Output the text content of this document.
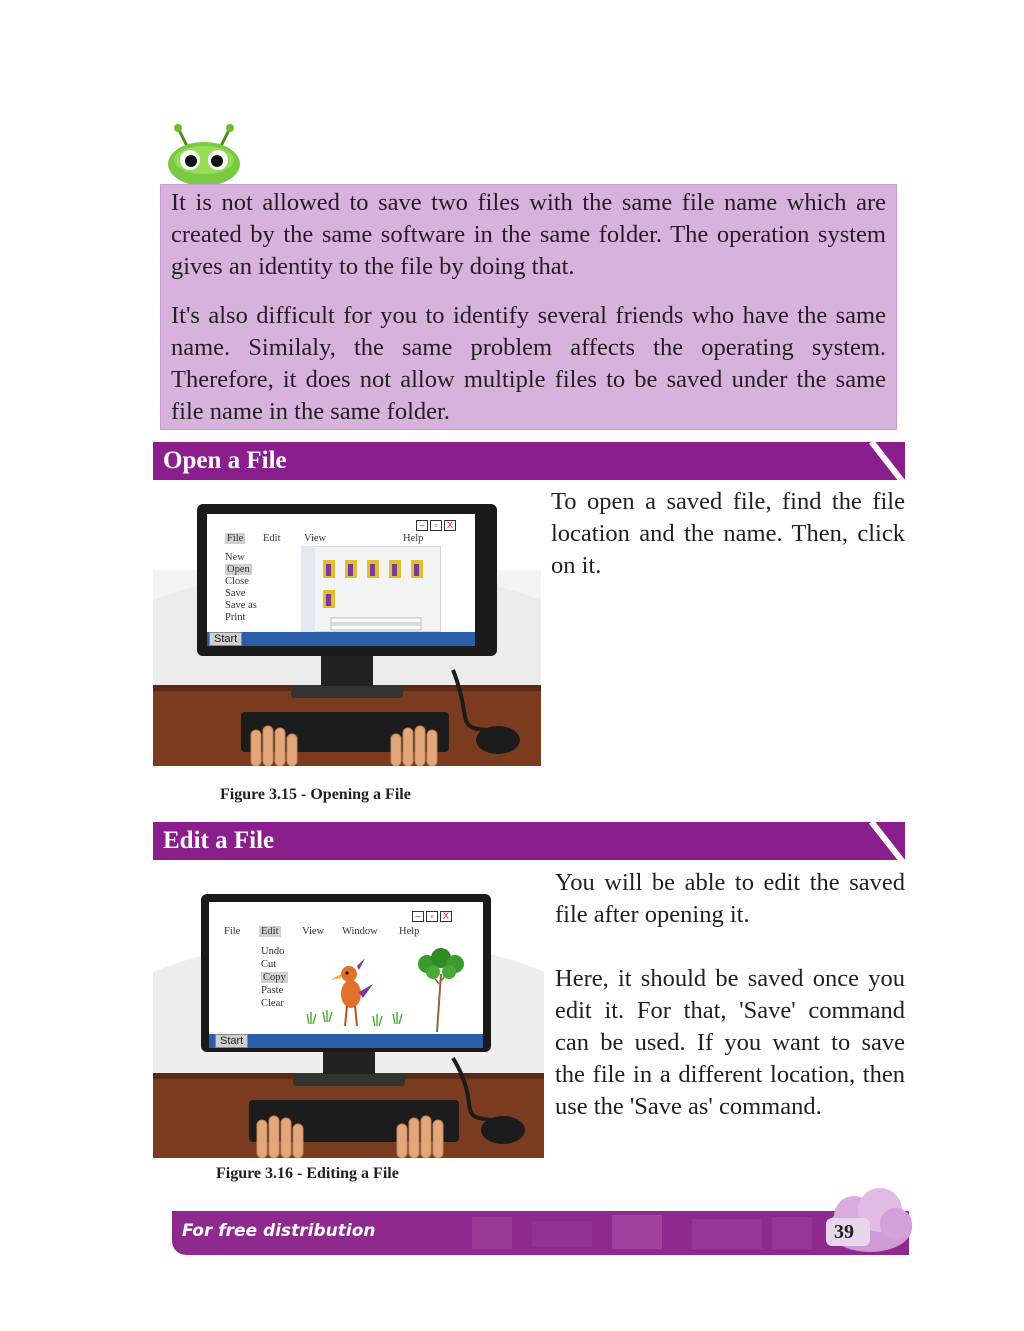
It is not allowed to save two files with the same file name which are created by the same software in the same folder. The operation system gives an identity to the file by doing that.

It's also difficult for you to identify several friends who have the same name. Similaly, the same problem affects the operating system. Therefore, it does not allow multiple files to be saved under the same file name in the same folder.

Open a File
–	▫	X
File Edit View	Help
New
Open
Close
Save
Save as
Print
Start
To open a saved file, find the file location and the name. Then, click on it.
Figure 3.15 - Opening a File
Edit a File
–	▫	X
File Edit View Window Help
Undo
Cut
Copy
Paste
Clear
Start

You will be able to edit the saved file after opening it.

Here, it should be saved once you edit it. For that, 'Save' command can be used. If you want to save the file in a different location, then use the 'Save as' command.

Figure 3.16 - Editing a File
For free distribution	39
